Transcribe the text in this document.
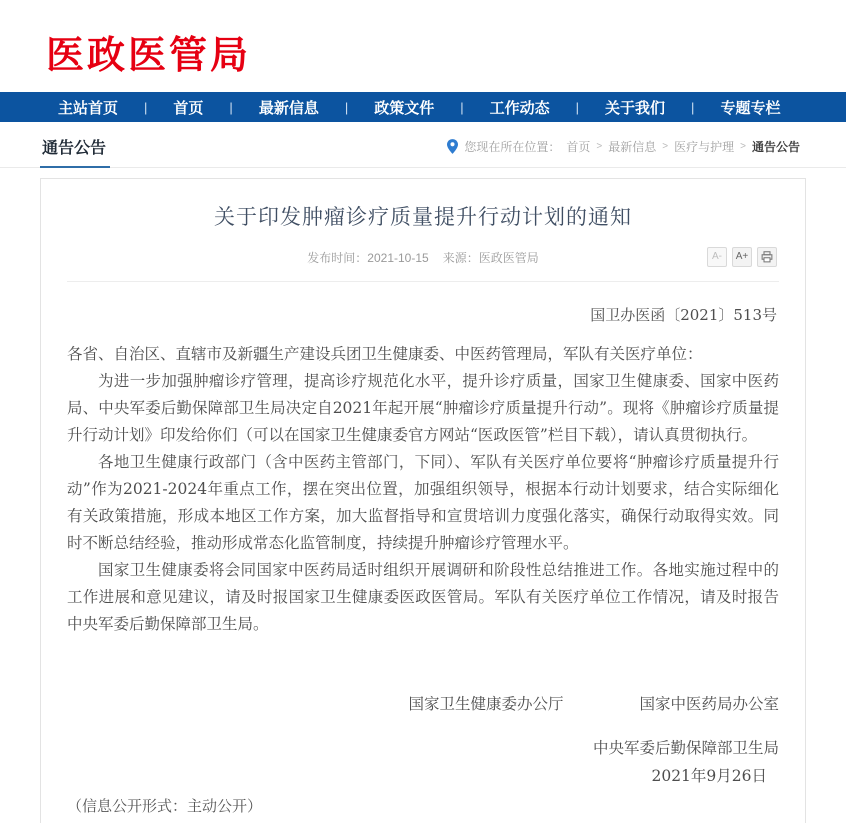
医政医管局
主站首页 | 首页 | 最新信息 | 政策文件 | 工作动态 | 关于我们 | 专题专栏
通告公告	您现在所在位置： 首页 > 最新信息 > 医疗与护理 > 通告公告
关于印发肿瘤诊疗质量提升行动计划的通知
发布时间：2021-10-15 来源：医政医管局	A-	A+
国卫办医函〔2021〕513号

各省、自治区、直辖市及新疆生产建设兵团卫生健康委、中医药管理局，军队有关医疗单位：

为进一步加强肿瘤诊疗管理，提高诊疗规范化水平，提升诊疗质量，国家卫生健康委、国家中医药局、中央军委后勤保障部卫生局决定自2021年起开展“肿瘤诊疗质量提升行动”。现将《肿瘤诊疗质量提升行动计划》印发给你们（可以在国家卫生健康委官方网站“医政医管”栏目下载），请认真贯彻执行。

各地卫生健康行政部门（含中医药主管部门，下同）、军队有关医疗单位要将“肿瘤诊疗质量提升行动”作为2021-2024年重点工作，摆在突出位置，加强组织领导，根据本行动计划要求，结合实际细化有关政策措施，形成本地区工作方案，加大监督指导和宣贯培训力度强化落实，确保行动取得实效。同时不断总结经验，推动形成常态化监管制度，持续提升肿瘤诊疗管理水平。

国家卫生健康委将会同国家中医药局适时组织开展调研和阶段性总结推进工作。各地实施过程中的工作进展和意见建议，请及时报国家卫生健康委医政医管局。军队有关医疗单位工作情况，请及时报告中央军委后勤保障部卫生局。

国家卫生健康委办公厅	国家中医药局办公室
中央军委后勤保障部卫生局
2021年9月26日

（信息公开形式：主动公开）
